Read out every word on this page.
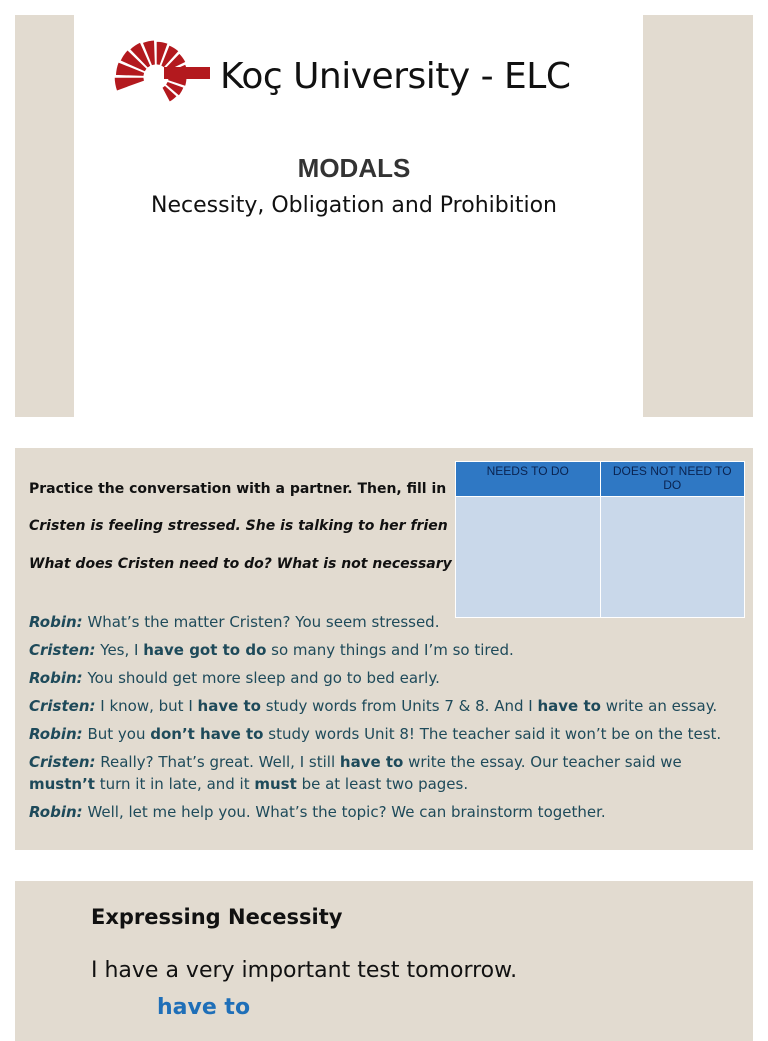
Koç University - ELC
MODALS
Necessity, Obligation and Prohibition
Practice the conversation with a partner. Then, fill in
Cristen is feeling stressed. She is talking to her frien
What does Cristen need to do? What is not necessary
NEEDS TO DO	DOES NOT NEED TO DO

Robin: What’s the matter Cristen? You seem stressed.
Cristen: Yes, I have got to do so many things and I’m so tired.
Robin: You should get more sleep and go to bed early.
Cristen: I know, but I have to study words from Units 7 & 8. And I have to write an essay.
Robin: But you don’t have to study words Unit 8! The teacher said it won’t be on the test.
Cristen: Really? That’s great. Well, I still have to write the essay. Our teacher said we mustn’t turn it in late, and it must be at least two pages.
Robin: Well, let me help you. What’s the topic? We can brainstorm together.
Expressing Necessity
I have a very important test tomorrow.
have to
